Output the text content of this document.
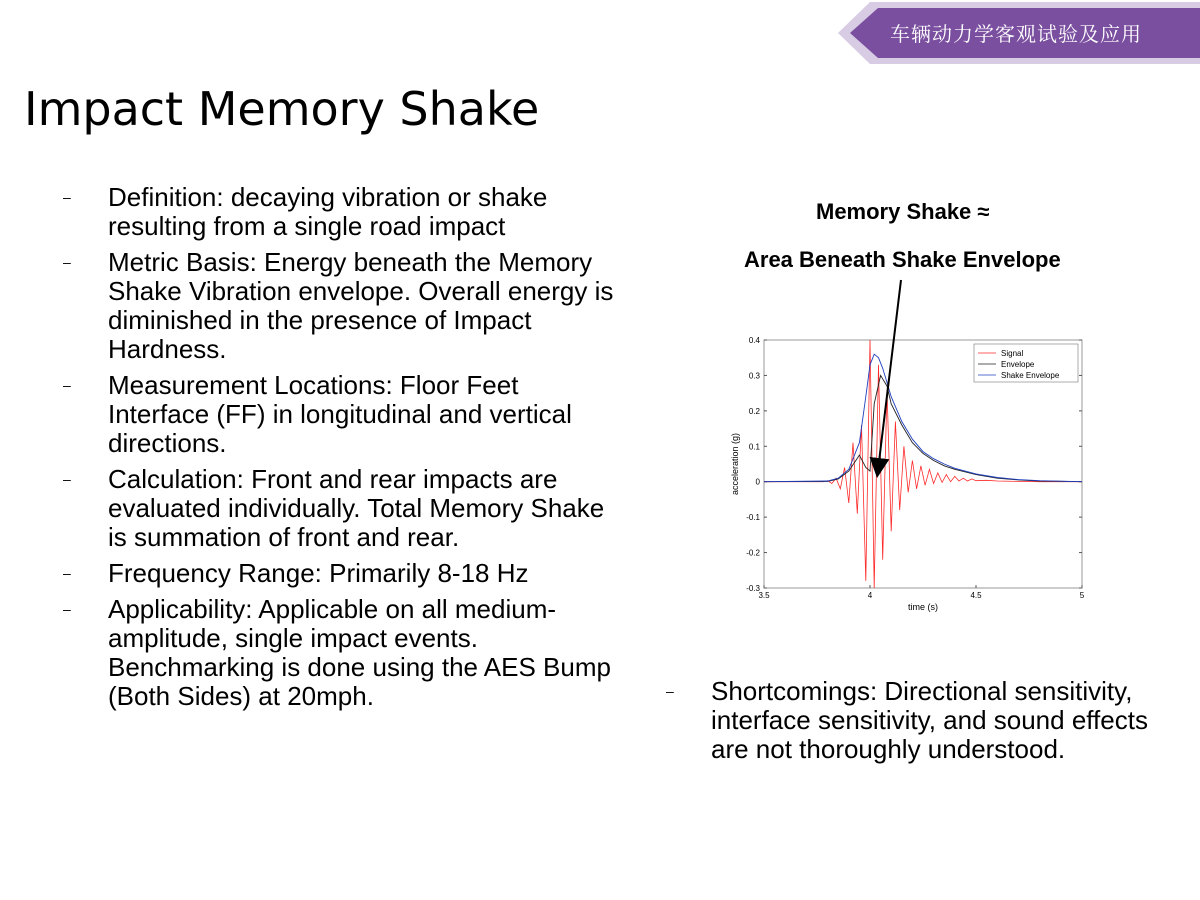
车辆动力学客观试验及应用
Impact Memory Shake
– Definition: decaying vibration or shake resulting from a single road impact
– Metric Basis: Energy beneath the Memory Shake Vibration envelope. Overall energy is diminished in the presence of Impact Hardness.
– Measurement Locations: Floor Feet Interface (FF) in longitudinal and vertical directions.
– Calculation: Front and rear impacts are evaluated individually. Total Memory Shake is summation of front and rear.
– Frequency Range: Primarily 8-18 Hz
– Applicability: Applicable on all medium-amplitude, single impact events. Benchmarking is done using the AES Bump (Both Sides) at 20mph.	– Shortcomings: Directional sensitivity, interface sensitivity, and sound effects are not thoroughly understood.
Memory Shake ≈
Area Beneath Shake Envelope
3.5	4	4.5	5
0.4
0.3
0.2
0.1
0
-0.1
-0.2
-0.3
Signal
Envelope
Shake Envelope
time (s)
acceleration (g)
